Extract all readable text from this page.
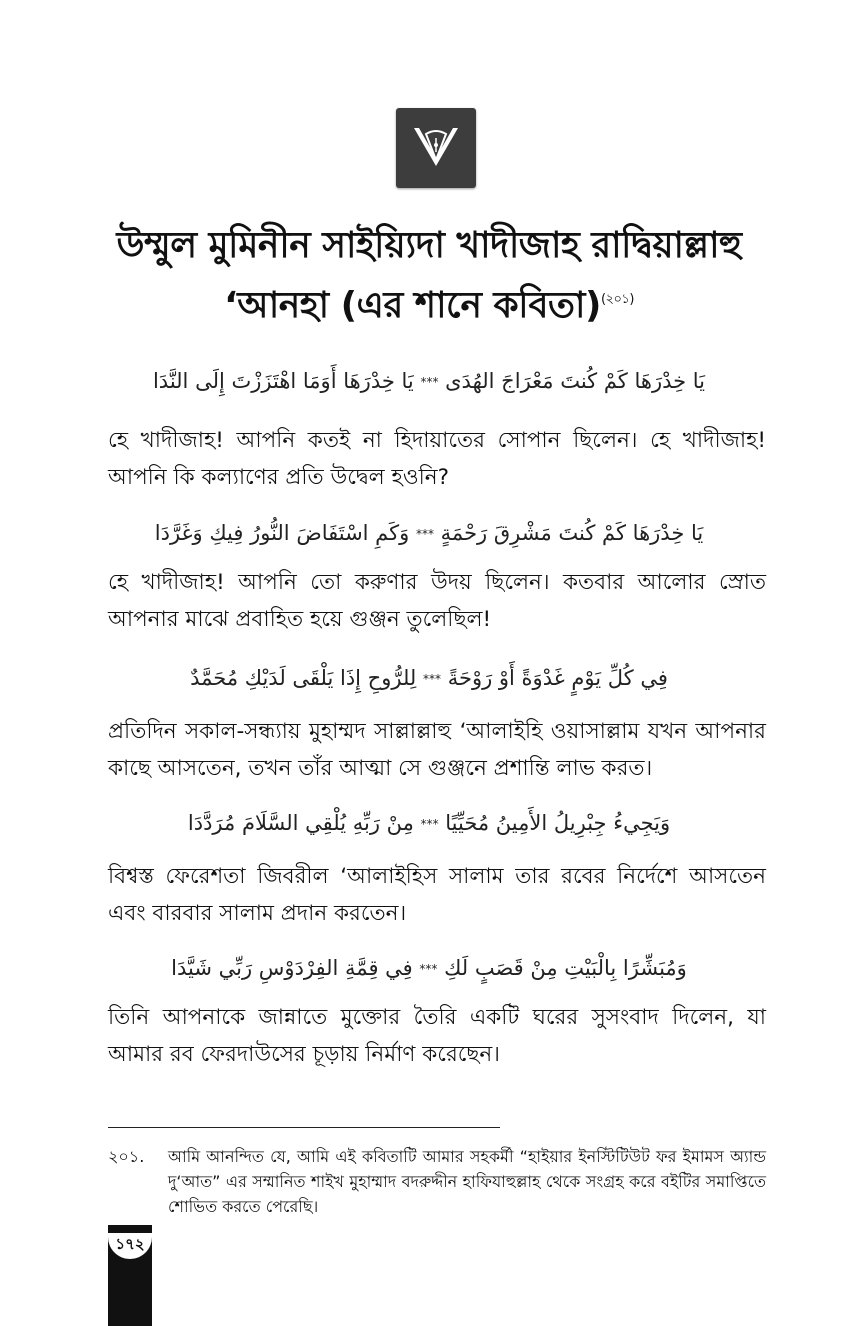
উম্মুল মুমিনীন সাইয়্যিদা খাদীজাহ রাদ্বিয়াল্লাহু
‘আনহা (এর শানে কবিতা)$^{(২০১)}$
يَا خِدْرَهَا كَمْ كُنتَ مَعْرَاجَ الهُدَى *** يَا خِدْرَهَا أَوَمَا اهْتَزَزْتَ إِلَى النَّدَا
হে খাদীজাহ! আপনি কতই না হিদায়াতের সোপান ছিলেন। হে খাদীজাহ! আপনি কি কল্যাণের প্রতি উদ্বেল হওনি?
يَا خِدْرَهَا كَمْ كُنتَ مَشْرِقَ رَحْمَةٍ *** وَكَمِ اسْتَفَاضَ النُّورُ فِيكِ وَغَرَّدَا
হে খাদীজাহ! আপনি তো করুণার উদয় ছিলেন। কতবার আলোর স্রোত আপনার মাঝে প্রবাহিত হয়ে গুঞ্জন তুলেছিল!
فِي كُلِّ يَوْمٍ غَدْوَةً أَوْ رَوْحَةً *** لِلرُّوحِ إِذَا يَلْقَى لَدَيْكِ مُحَمَّدٌ
প্রতিদিন সকাল-সন্ধ্যায় মুহাম্মদ সাল্লাল্লাহু ‘আলাইহি ওয়াসাল্লাম যখন আপনার কাছে আসতেন, তখন তাঁর আত্মা সে গুঞ্জনে প্রশান্তি লাভ করত।
وَيَجِيءُ جِبْرِيلُ الأَمِينُ مُحَيِّيًا *** مِنْ رَبِّهِ يُلْقِي السَّلَامَ مُرَدَّدَا
বিশ্বস্ত ফেরেশতা জিবরীল ‘আলাইহিস সালাম তার রবের নির্দেশে আসতেন এবং বারবার সালাম প্রদান করতেন।
وَمُبَشِّرًا بِالْبَيْتِ مِنْ قَصَبٍ لَكِ *** فِي قِمَّةِ الفِرْدَوْسِ رَبِّي شَيَّدَا
তিনি আপনাকে জান্নাতে মুক্তোর তৈরি একটি ঘরের সুসংবাদ দিলেন, যা আমার রব ফেরদাউসের চূড়ায় নির্মাণ করেছেন।
২০১. আমি আনন্দিত যে, আমি এই কবিতাটি আমার সহকর্মী “হাইয়ার ইনস্টিটিউট ফর ইমামস অ্যান্ড দু‘আত” এর সম্মানিত শাইখ মুহাম্মাদ বদরুদ্দীন হাফিযাহুল্লাহ থেকে সংগ্রহ করে বইটির সমাপ্তিতে শোভিত করতে পেরেছি।
১৭২
